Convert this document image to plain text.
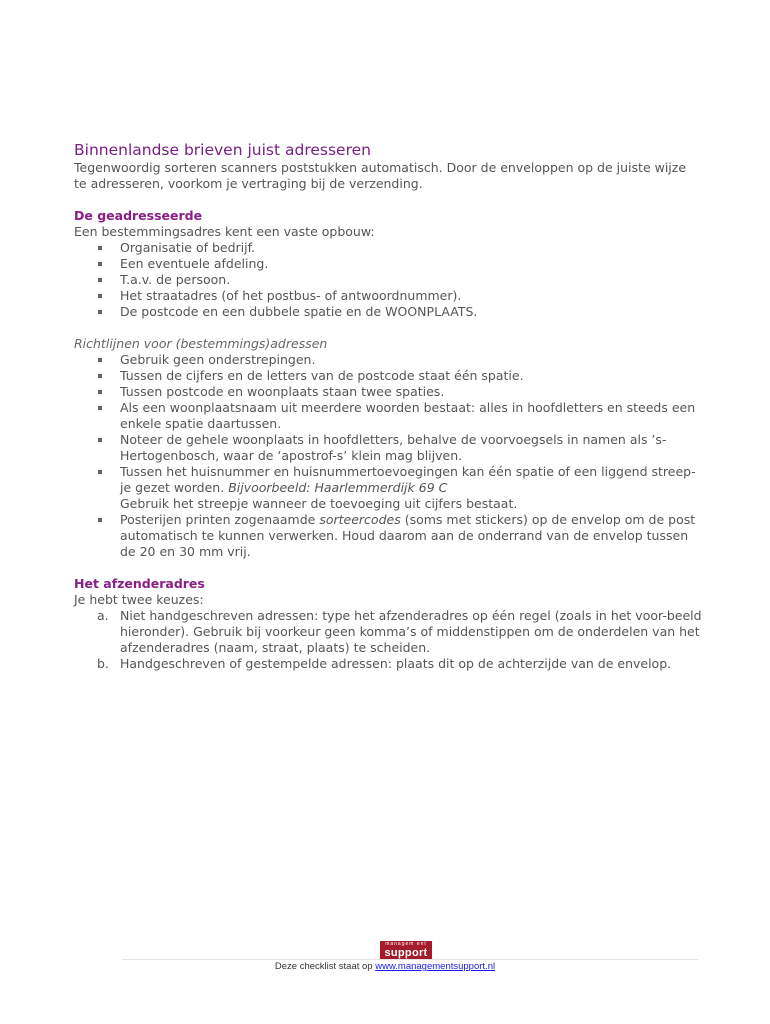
Binnenlandse brieven juist adresseren

Tegenwoordig sorteren scanners poststukken automatisch. Door de enveloppen op de juiste wijze te adresseren, voorkom je vertraging bij de verzending.

De geadresseerde

Een bestemmingsadres kent een vaste opbouw:

Organisatie of bedrijf.
Een eventuele afdeling.
T.a.v. de persoon.
Het straatadres (of het postbus- of antwoordnummer).
De postcode en een dubbele spatie en de WOONPLAATS.

Richtlijnen voor (bestemmings)adressen

Gebruik geen onderstrepingen.
Tussen de cijfers en de letters van de postcode staat één spatie.
Tussen postcode en woonplaats staan twee spaties.
Als een woonplaatsnaam uit meerdere woorden bestaat: alles in hoofdletters en steeds een enkele spatie daartussen.
Noteer de gehele woonplaats in hoofdletters, behalve de voorvoegsels in namen als ’s-Hertogenbosch, waar de ‘apostrof-s’ klein mag blijven.
Tussen het huisnummer en huisnummertoevoegingen kan één spatie of een liggend streep-je gezet worden. Bijvoorbeeld: Haarlemmerdijk 69 C
Gebruik het streepje wanneer de toevoeging uit cijfers bestaat.
Posterijen printen zogenaamde sorteercodes (soms met stickers) op de envelop om de post automatisch te kunnen verwerken. Houd daarom aan de onderrand van de envelop tussen de 20 en 30 mm vrij.
Het afzenderadres

Je hebt twee keuzes:

a. Niet handgeschreven adressen: type het afzenderadres op één regel (zoals in het voor-beeld hieronder). Gebruik bij voorkeur geen komma’s of middenstippen om de onderdelen van het afzenderadres (naam, straat, plaats) te scheiden.
b. Handgeschreven of gestempelde adressen: plaats dit op de achterzijde van de envelop.
managem ent
support
Deze checklist staat op www.managementsupport.nl
